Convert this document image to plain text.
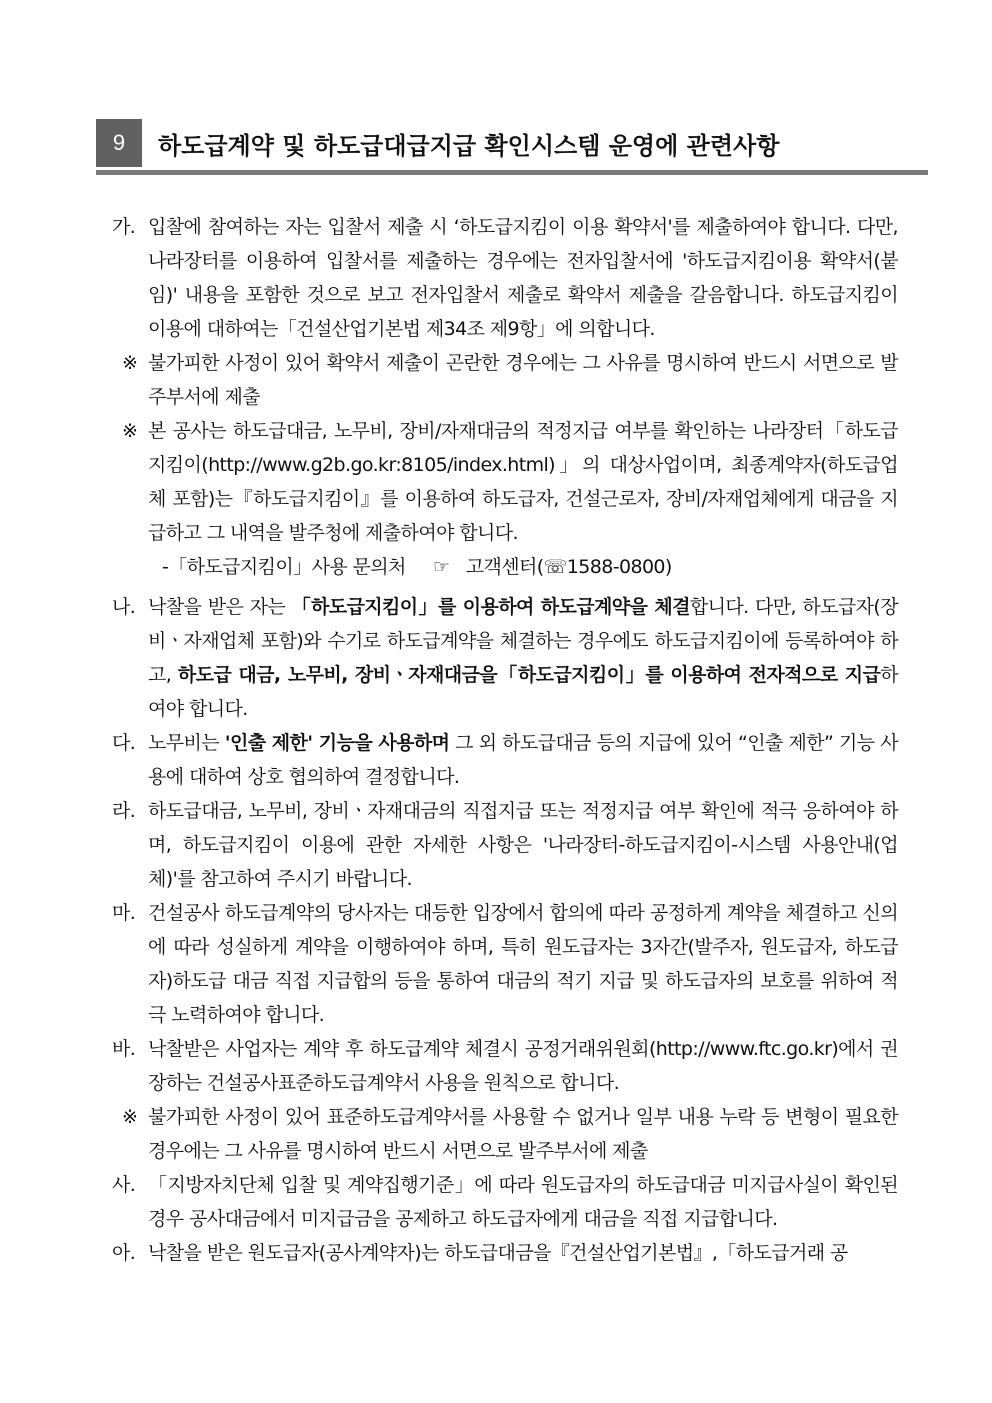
9	하도급계약 및 하도급대급지급 확인시스템 운영에 관련사항
가. 입찰에 참여하는 자는 입찰서 제출 시 ‘하도급지킴이 이용 확약서'를 제출하여야 합니다. 다만, 나라장터를 이용하여 입찰서를 제출하는 경우에는 전자입찰서에 '하도급지킴이용 확약서(붙임)' 내용을 포함한 것으로 보고 전자입찰서 제출로 확약서 제출을 갈음합니다. 하도급지킴이 이용에 대하여는「건설산업기본법 제34조 제9항」에 의합니다.
※ 불가피한 사정이 있어 확약서 제출이 곤란한 경우에는 그 사유를 명시하여 반드시 서면으로 발주부서에 제출
※ 본 공사는 하도급대금, 노무비, 장비/자재대금의 적정지급 여부를 확인하는 나라장터「하도급지킴이(http://www.g2b.go.kr:8105/index.html)」의 대상사업이며, 최종계약자(하도급업체 포함)는『하도급지킴이』를 이용하여 하도급자, 건설근로자, 장비/자재업체에게 대금을 지급하고 그 내역을 발주청에 제출하여야 합니다.
-「하도급지킴이」사용 문의처 ☞ 고객센터(☏1588-0800)
나. 낙찰을 받은 자는 「하도급지킴이」를 이용하여 하도급계약을 체결합니다. 다만, 하도급자(장비ㆍ자재업체 포함)와 수기로 하도급계약을 체결하는 경우에도 하도급지킴이에 등록하여야 하고, 하도급 대금, 노무비, 장비ㆍ자재대금을「하도급지킴이」를 이용하여 전자적으로 지급하여야 합니다.
다. 노무비는 '인출 제한' 기능을 사용하며 그 외 하도급대금 등의 지급에 있어 “인출 제한” 기능 사용에 대하여 상호 협의하여 결정합니다.
라. 하도급대금, 노무비, 장비ㆍ자재대금의 직접지급 또는 적정지급 여부 확인에 적극 응하여야 하며, 하도급지킴이 이용에 관한 자세한 사항은 '나라장터-하도급지킴이-시스템 사용안내(업체)'를 참고하여 주시기 바랍니다.
마. 건설공사 하도급계약의 당사자는 대등한 입장에서 합의에 따라 공정하게 계약을 체결하고 신의에 따라 성실하게 계약을 이행하여야 하며, 특히 원도급자는 3자간(발주자, 원도급자, 하도급자)하도급 대금 직접 지급합의 등을 통하여 대금의 적기 지급 및 하도급자의 보호를 위하여 적극 노력하여야 합니다.
바. 낙찰받은 사업자는 계약 후 하도급계약 체결시 공정거래위원회(http://www.ftc.go.kr)에서 권장하는 건설공사표준하도급계약서 사용을 원칙으로 합니다.
※ 불가피한 사정이 있어 표준하도급계약서를 사용할 수 없거나 일부 내용 누락 등 변형이 필요한 경우에는 그 사유를 명시하여 반드시 서면으로 발주부서에 제출
사. 「지방자치단체 입찰 및 계약집행기준」에 따라 원도급자의 하도급대금 미지급사실이 확인된 경우 공사대금에서 미지급금을 공제하고 하도급자에게 대금을 직접 지급합니다.
아. 낙찰을 받은 원도급자(공사계약자)는 하도급대금을『건설산업기본법』,「하도급거래 공
